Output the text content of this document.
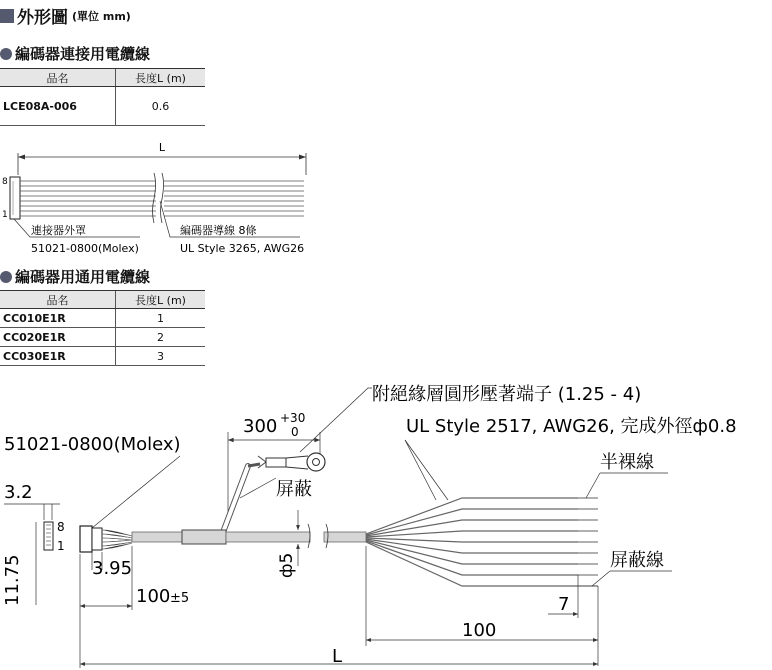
外形圖 (單位 mm)
編碼器連接用電纜線
品名	長度L (m)
LCE08A-006	0.6
L
8
1
連接器外罩
51021-0800(Molex)
編碼器導線 8條
UL Style 3265, AWG26
編碼器用通用電纜線
品名	長度L (m)
CC010E1R	1
CC020E1R	2
CC030E1R	3
附絕緣層圓形壓著端子 (1.25 - 4)
UL Style 2517, AWG26, 完成外徑ф0.8
51021-0800(Molex)
300 +30
0
屏蔽
3.2
8
1
11.75	3.95	ф5
半裸線
屏蔽線
7
100
100 ±5
L
